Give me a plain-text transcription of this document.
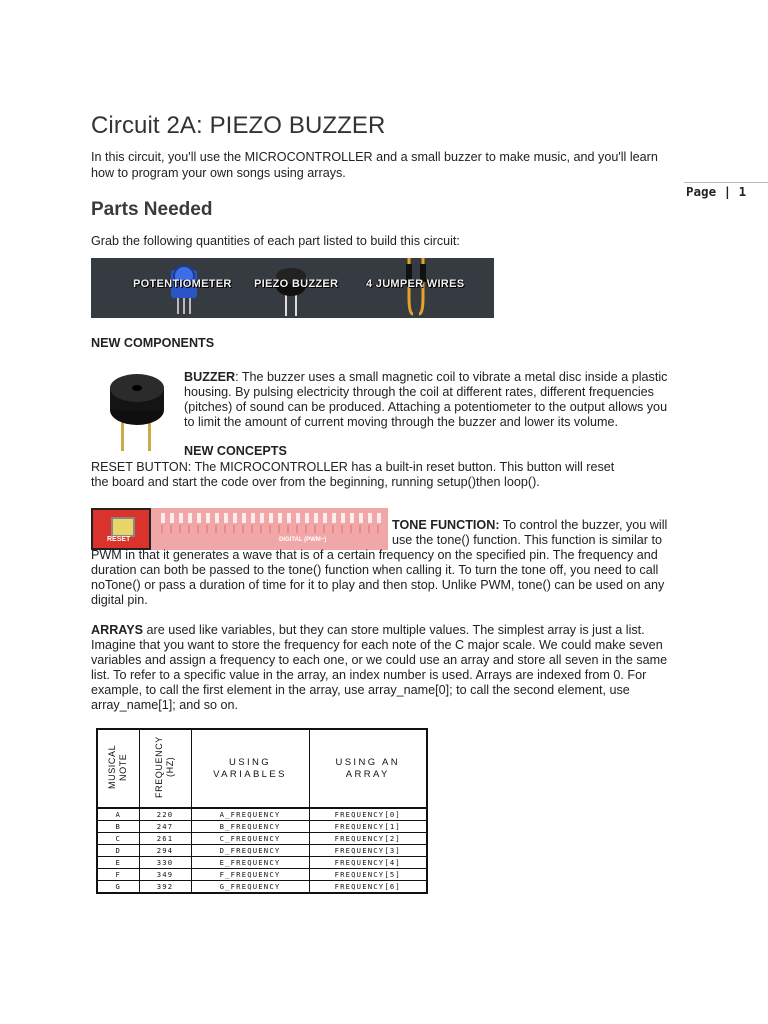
Circuit 2A: PIEZO BUZZER
In this circuit, you'll use the MICROCONTROLLER and a small buzzer to make music, and you'll learn how to program your own songs using arrays.
Page | 1
Parts Needed
Grab the following quantities of each part listed to build this circuit:
POTENTIOMETER PIEZO BUZZER	4 JUMPER WIRES
NEW COMPONENTS
BUZZER: The buzzer uses a small magnetic coil to vibrate a metal disc inside a plastic housing. By pulsing electricity through the coil at different rates, different frequencies (pitches) of sound can be produced. Attaching a potentiometer to the output allows you to limit the amount of current moving through the buzzer and lower its volume.
NEW CONCEPTS
RESET BUTTON: The MICROCONTROLLER has a built-in reset button. This button will reset the board and start the code over from the beginning, running setup()then loop().
RESET	DIGITAL (PWM~)
TONE FUNCTION: To control the buzzer, you will use the tone() function. This function is similar to
PWM in that it generates a wave that is of a certain frequency on the specified pin. The frequency and duration can both be passed to the tone() function when calling it. To turn the tone off, you need to call noTone() or pass a duration of time for it to play and then stop. Unlike PWM, tone() can be used on any digital pin.
ARRAYS are used like variables, but they can store multiple values. The simplest array is just a list. Imagine that you want to store the frequency for each note of the C major scale. We could make seven variables and assign a frequency to each one, or we could use an array and store all seven in the same list. To refer to a specific value in the array, an index number is used. Arrays are indexed from 0. For example, to call the first element in the array, use array_name[0]; to call the second element, use array_name[1]; and so on.
MUSICAL NOTE	FREQUENCY (HZ)	USING VARIABLES	USING AN ARRAY

A	220	A_FREQUENCY	FREQUENCY[0]
B	247	B_FREQUENCY	FREQUENCY[1]
C	261	C_FREQUENCY	FREQUENCY[2]
D	294	D_FREQUENCY	FREQUENCY[3]
E	330	E_FREQUENCY	FREQUENCY[4]
F	349	F_FREQUENCY	FREQUENCY[5]
G	392	G_FREQUENCY	FREQUENCY[6]
